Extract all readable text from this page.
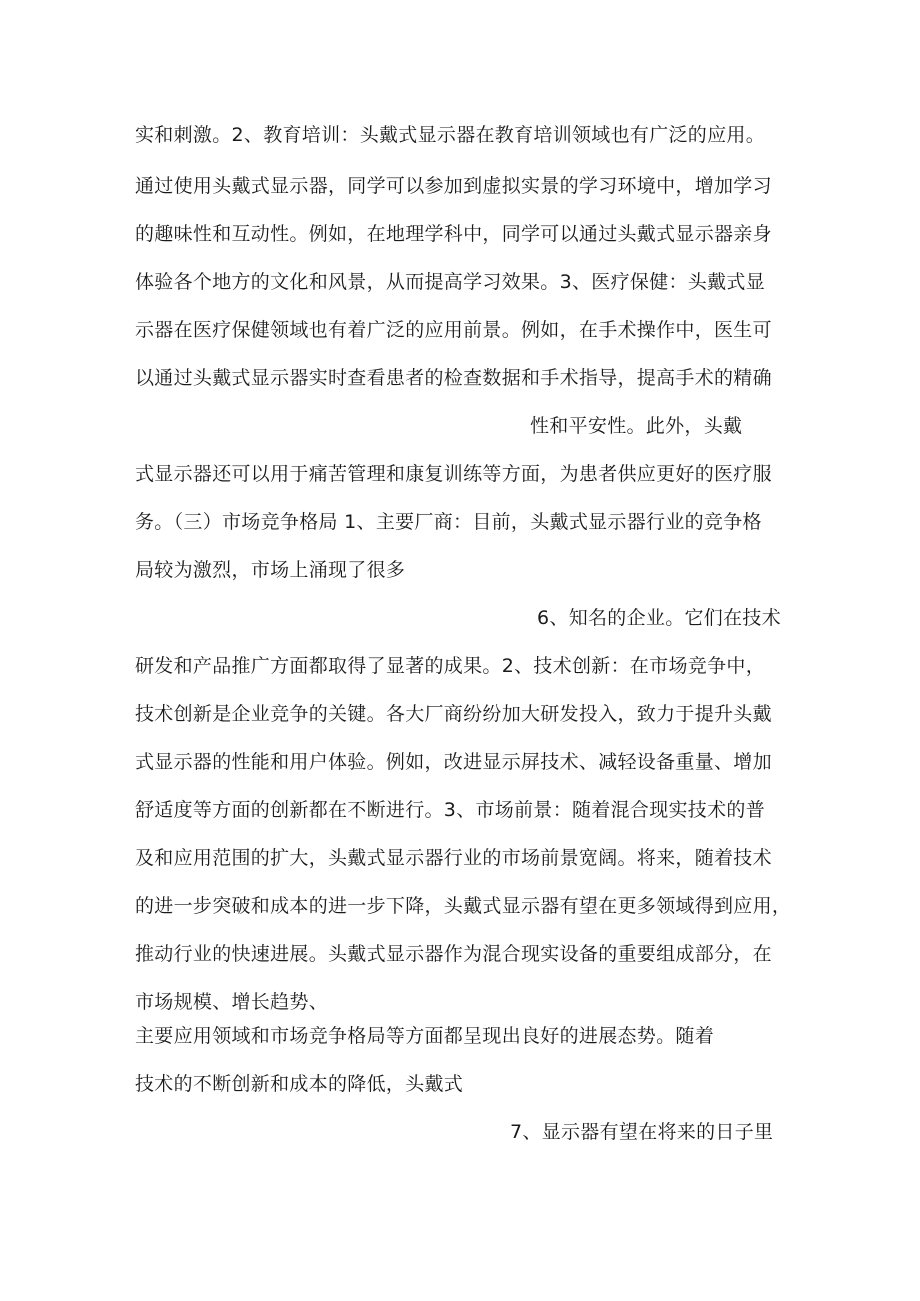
实和刺激。2、教育培训：头戴式显示器在教育培训领域也有广泛的应用。
通过使用头戴式显示器，同学可以参加到虚拟实景的学习环境中，增加学习
的趣味性和互动性。例如，在地理学科中，同学可以通过头戴式显示器亲身
体验各个地方的文化和风景，从而提高学习效果。3、医疗保健：头戴式显
示器在医疗保健领域也有着广泛的应用前景。例如，在手术操作中，医生可
以通过头戴式显示器实时查看患者的检查数据和手术指导，提高手术的精确
性和平安性。此外，头戴
式显示器还可以用于痛苦管理和康复训练等方面，为患者供应更好的医疗服
务。（三）市场竞争格局 1、主要厂商：目前，头戴式显示器行业的竞争格
局较为激烈，市场上涌现了很多
6、知名的企业。它们在技术
研发和产品推广方面都取得了显著的成果。2、技术创新：在市场竞争中，
技术创新是企业竞争的关键。各大厂商纷纷加大研发投入，致力于提升头戴
式显示器的性能和用户体验。例如，改进显示屏技术、减轻设备重量、增加
舒适度等方面的创新都在不断进行。3、市场前景：随着混合现实技术的普
及和应用范围的扩大，头戴式显示器行业的市场前景宽阔。将来，随着技术
的进一步突破和成本的进一步下降，头戴式显示器有望在更多领域得到应用，
推动行业的快速进展。头戴式显示器作为混合现实设备的重要组成部分，在
市场规模、增长趋势、
主要应用领域和市场竞争格局等方面都呈现出良好的进展态势。随着
技术的不断创新和成本的降低，头戴式
7、显示器有望在将来的日子里
